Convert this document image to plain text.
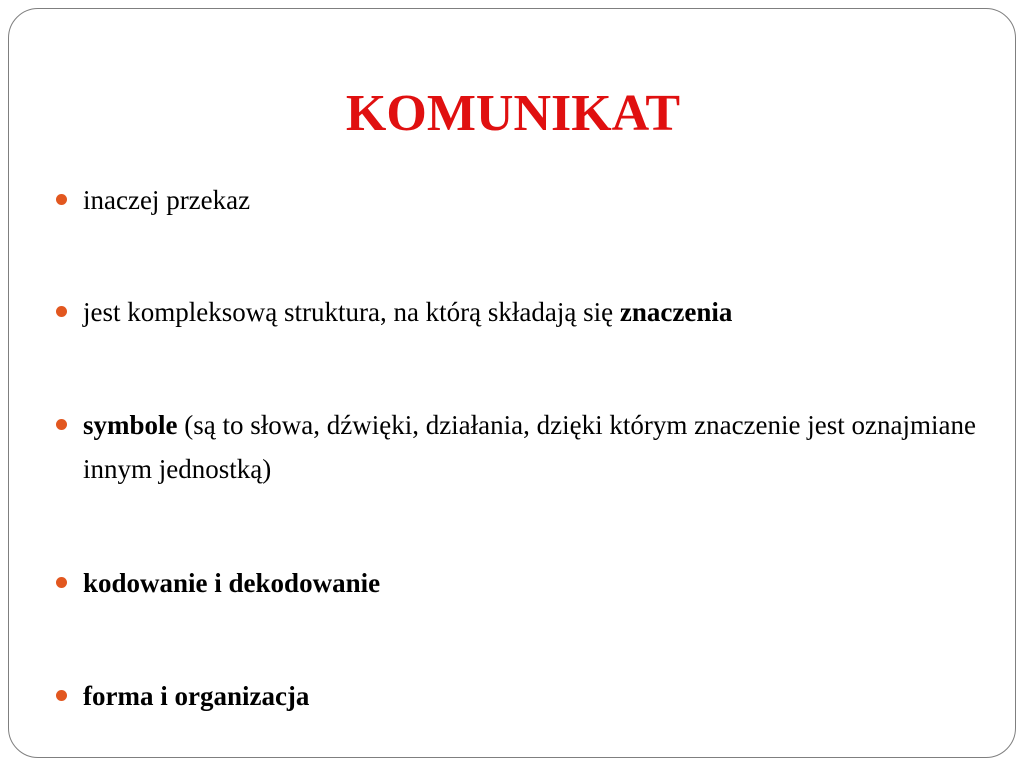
KOMUNIKAT
inaczej przekaz
jest kompleksową struktura, na którą składają się znaczenia
symbole (są to słowa, dźwięki, działania, dzięki którym znaczenie jest oznajmiane innym jednostką)
kodowanie i dekodowanie
forma i organizacja
